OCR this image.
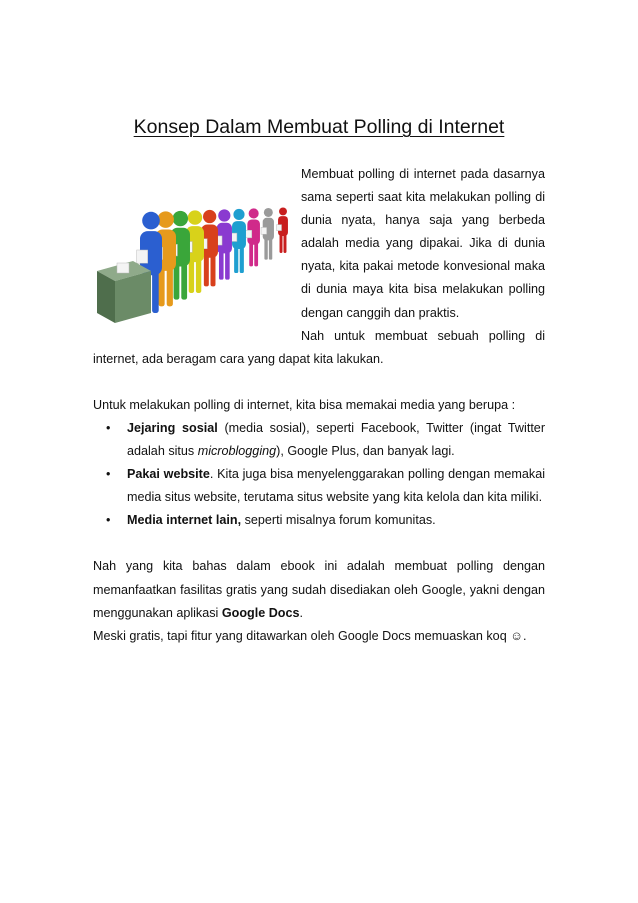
Konsep Dalam Membuat Polling di Internet

Membuat polling di internet pada dasarnya sama seperti saat kita melakukan polling di dunia nyata, hanya saja yang berbeda adalah media yang dipakai. Jika di dunia nyata, kita pakai metode konvesional maka di dunia maya kita bisa melakukan polling dengan canggih dan praktis.

Nah untuk membuat sebuah polling di internet, ada beragam cara yang dapat kita lakukan.

Untuk melakukan polling di internet, kita bisa memakai media yang berupa :

• Jejaring sosial (media sosial), seperti Facebook, Twitter (ingat Twitter adalah situs microblogging), Google Plus, dan banyak lagi.
• Pakai website. Kita juga bisa menyelenggarakan polling dengan memakai media situs website, terutama situs website yang kita kelola dan kita miliki.
• Media internet lain, seperti misalnya forum komunitas.

Nah yang kita bahas dalam ebook ini adalah membuat polling dengan memanfaatkan fasilitas gratis yang sudah disediakan oleh Google, yakni dengan menggunakan aplikasi Google Docs.

Meski gratis, tapi fitur yang ditawarkan oleh Google Docs memuaskan koq ☺.
